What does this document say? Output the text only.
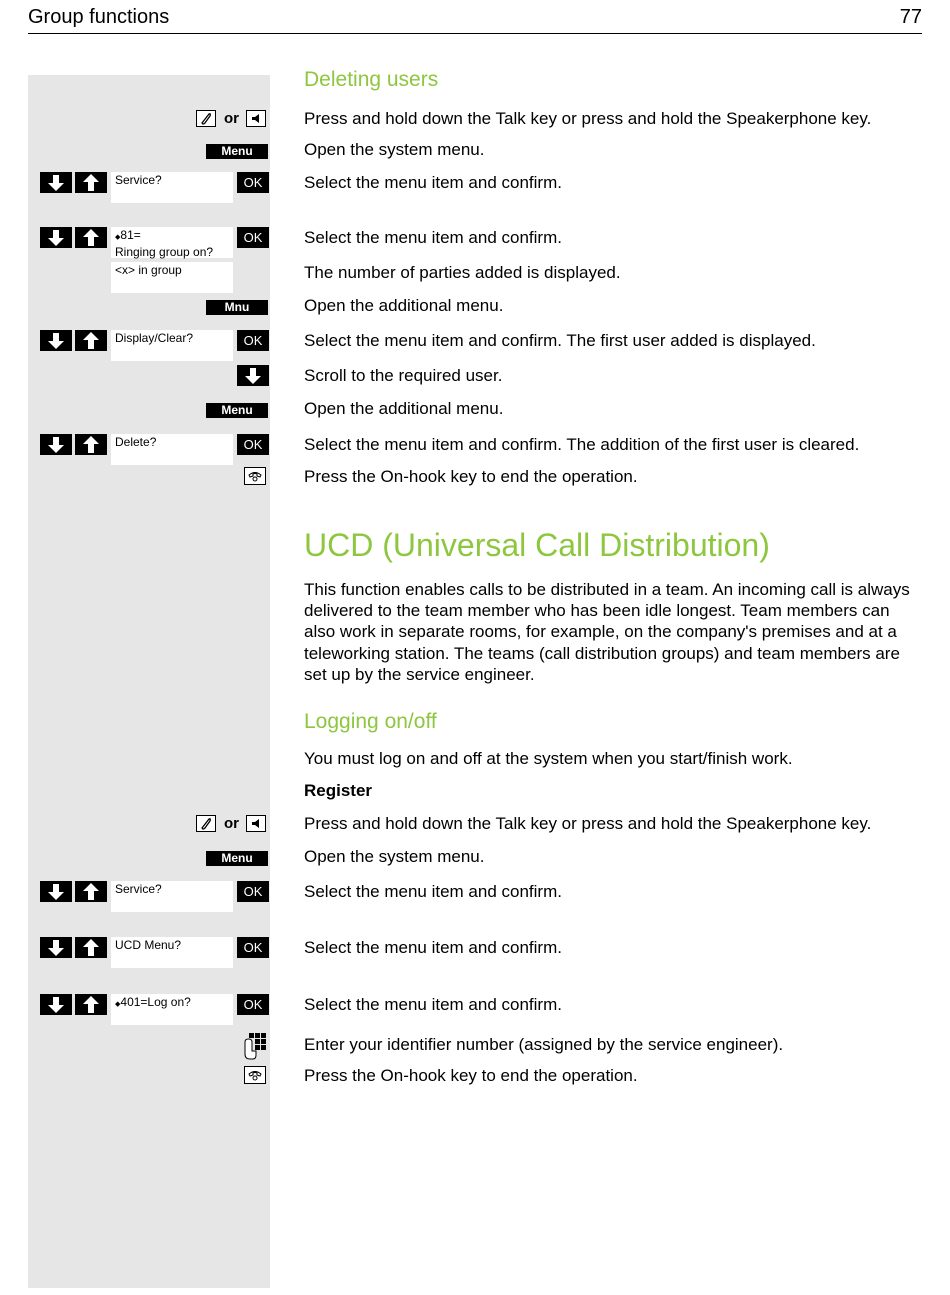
Group functions	77
Deleting users
or	Press and hold down the Talk key or press and hold the Speakerphone key.
Menu	Open the system menu.
Service?	OK	Select the menu item and confirm.
◆81=
Ringing group on?
OK	Select the menu item and confirm.
<x> in group	The number of parties added is displayed.
Mnu	Open the additional menu.
Display/Clear?	OK	Select the menu item and confirm. The first user added is displayed.
Scroll to the required user.
Menu	Open the additional menu.
Delete?	OK	Select the menu item and confirm. The addition of the first user is cleared.
Press the On-hook key to end the operation.
UCD (Universal Call Distribution)
This function enables calls to be distributed in a team. An incoming call is always delivered to the team member who has been idle longest. Team members can also work in separate rooms, for example, on the company's premises and at a teleworking station. The teams (call distribution groups) and team members are set up by the service engineer.
Logging on/off
You must log on and off at the system when you start/finish work.
Register
or	Press and hold down the Talk key or press and hold the Speakerphone key.
Menu	Open the system menu.
Service?	OK	Select the menu item and confirm.
UCD Menu?	OK	Select the menu item and confirm.
◆401=Log on?	OK	Select the menu item and confirm.
Enter your identifier number (assigned by the service engineer).
Press the On-hook key to end the operation.
